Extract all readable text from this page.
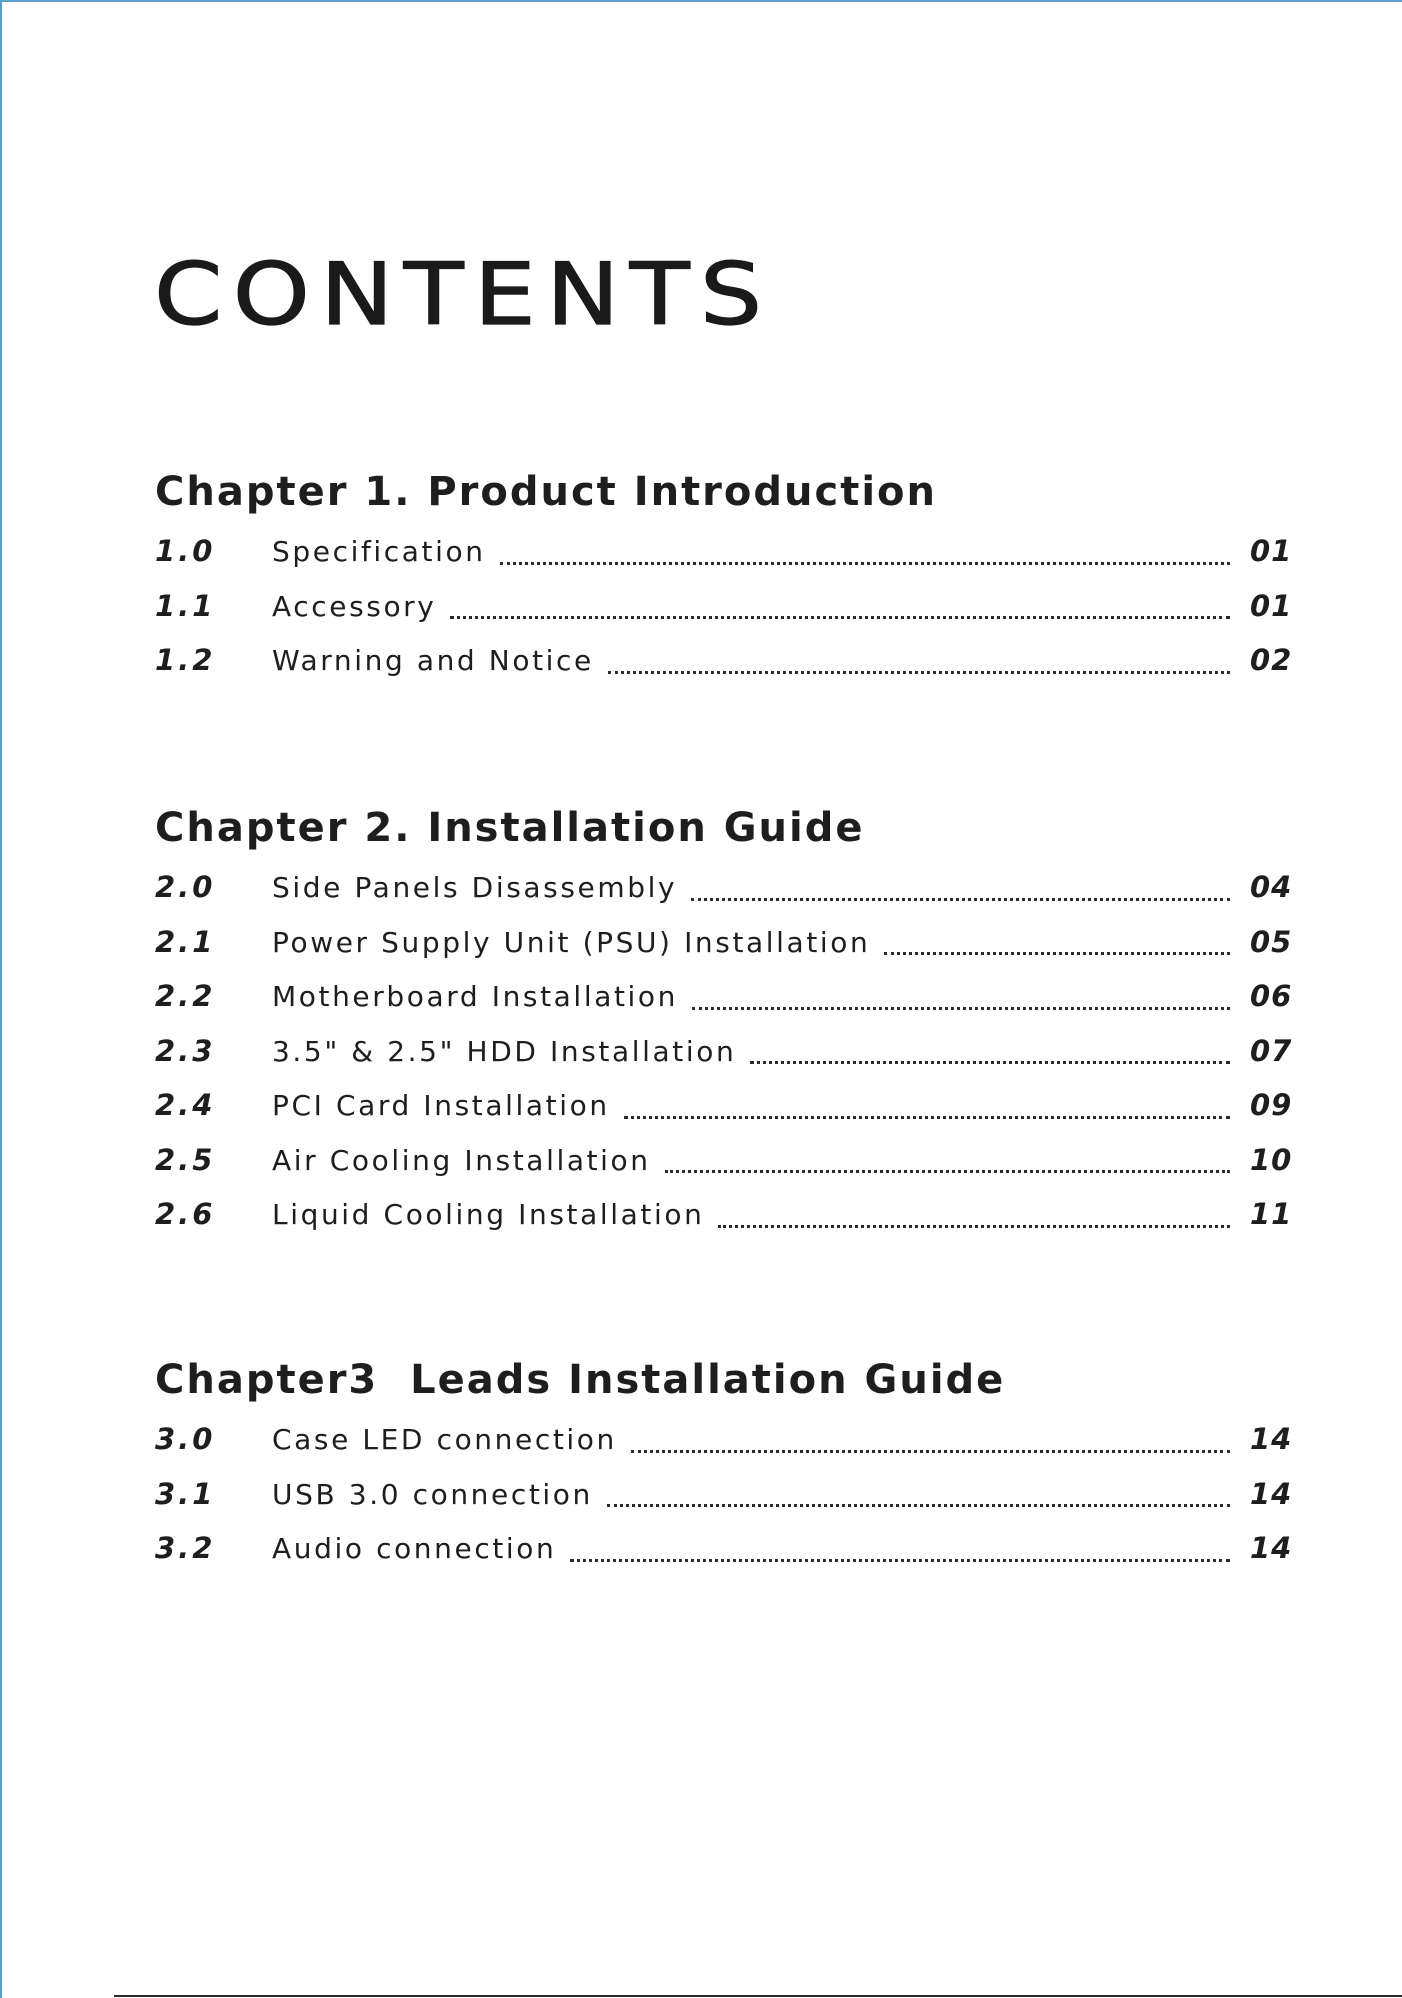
CONTENTS
Chapter 1. Product Introduction
1.0	Specification	01
1.1	Accessory	01
1.2	Warning and Notice	02
Chapter 2. Installation Guide
2.0	Side Panels Disassembly	04
2.1	Power Supply Unit (PSU) Installation	05
2.2	Motherboard Installation	06
2.3	3.5" & 2.5" HDD Installation	07
2.4	PCI Card Installation	09
2.5	Air Cooling Installation	10
2.6	Liquid Cooling Installation	11
Chapter3  Leads Installation Guide
3.0	Case LED connection	14
3.1	USB 3.0 connection	14
3.2	Audio connection	14
